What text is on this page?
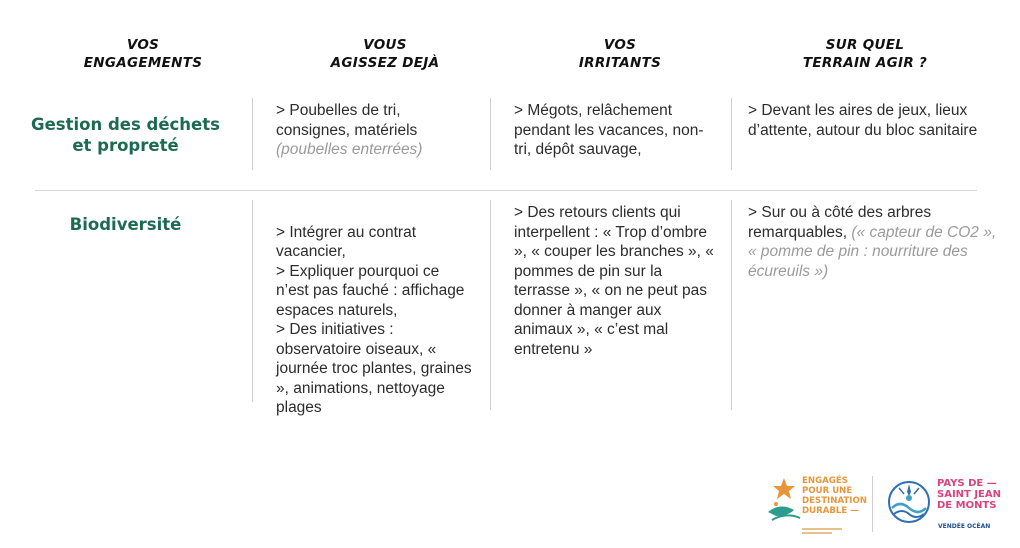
VOS
ENGAGEMENTS
VOUS
AGISSEZ DEJÀ
VOS
IRRITANTS
SUR QUEL
TERRAIN AGIR ?
Gestion des déchets
et propreté
> Poubelles de tri, consignes, matériels
(poubelles enterrées)
> Mégots, relâchement pendant les vacances, non-tri, dépôt sauvage,
> Devant les aires de jeux, lieux d’attente, autour du bloc sanitaire
Biodiversité	> Intégrer au contrat vacancier,
> Expliquer pourquoi ce n’est pas fauché : affichage espaces naturels,
> Des initiatives : observatoire oiseaux, « journée troc plantes, graines », animations, nettoyage plages

> Des retours clients qui interpellent : « Trop d’ombre », « couper les branches », « pommes de pin sur la terrasse », « on ne peut pas donner à manger aux animaux », « c’est mal entretenu »
> Sur ou à côté des arbres remarquables, (« capteur de CO2 », « pomme de pin : nourriture des écureuils »)
ENGAGÉS
POUR UNE
DESTINATION
DURABLE —
PAYS DE —
SAINT JEAN
DE MONTS
VENDÉE OCÉAN
